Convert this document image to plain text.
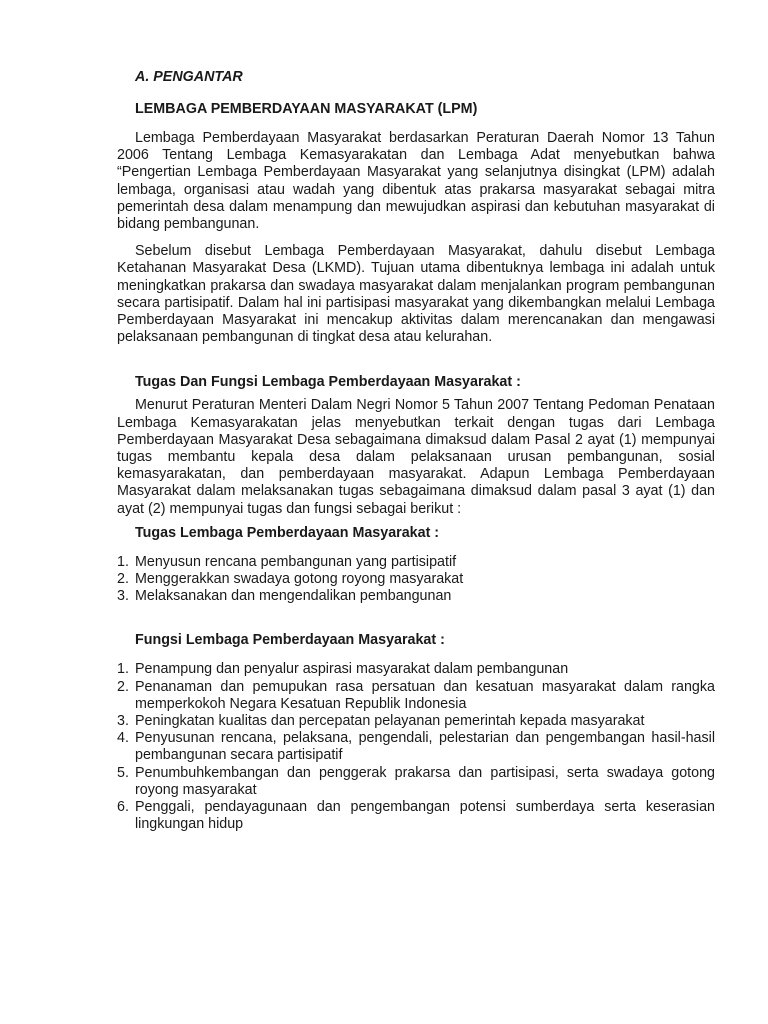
A. PENGANTAR

LEMBAGA PEMBERDAYAAN MASYARAKAT (LPM)

Lembaga Pemberdayaan Masyarakat berdasarkan Peraturan Daerah Nomor 13 Tahun 2006 Tentang Lembaga Kemasyarakatan dan Lembaga Adat menyebutkan bahwa “Pengertian Lembaga Pemberdayaan Masyarakat yang selanjutnya disingkat (LPM) adalah lembaga, organisasi atau wadah yang dibentuk atas prakarsa masyarakat sebagai mitra pemerintah desa dalam menampung dan mewujudkan aspirasi dan kebutuhan masyarakat di bidang pembangunan.

Sebelum disebut Lembaga Pemberdayaan Masyarakat, dahulu disebut Lembaga Ketahanan Masyarakat Desa (LKMD). Tujuan utama dibentuknya lembaga ini adalah untuk meningkatkan prakarsa dan swadaya masyarakat dalam menjalankan program pembangunan secara partisipatif. Dalam hal ini partisipasi masyarakat yang dikembangkan melalui Lembaga Pemberdayaan Masyarakat ini mencakup aktivitas dalam merencanakan dan mengawasi pelaksanaan pembangunan di tingkat desa atau kelurahan.

Tugas Dan Fungsi Lembaga Pemberdayaan Masyarakat :

Menurut Peraturan Menteri Dalam Negri Nomor 5 Tahun 2007 Tentang Pedoman Penataan Lembaga Kemasyarakatan jelas menyebutkan terkait dengan tugas dari Lembaga Pemberdayaan Masyarakat Desa sebagaimana dimaksud dalam Pasal 2 ayat (1) mempunyai tugas membantu kepala desa dalam pelaksanaan urusan pembangunan, sosial kemasyarakatan, dan pemberdayaan masyarakat. Adapun Lembaga Pemberdayaan Masyarakat dalam melaksanakan tugas sebagaimana dimaksud dalam pasal 3 ayat (1) dan ayat (2) mempunyai tugas dan fungsi sebagai berikut :

Tugas Lembaga Pemberdayaan Masyarakat :

1. Menyusun rencana pembangunan yang partisipatif
2. Menggerakkan swadaya gotong royong masyarakat
3. Melaksanakan dan mengendalikan pembangunan

Fungsi Lembaga Pemberdayaan Masyarakat :

1. Penampung dan penyalur aspirasi masyarakat dalam pembangunan
2. Penanaman dan pemupukan rasa persatuan dan kesatuan masyarakat dalam rangka memperkokoh Negara Kesatuan Republik Indonesia
3. Peningkatan kualitas dan percepatan pelayanan pemerintah kepada masyarakat
4. Penyusunan rencana, pelaksana, pengendali, pelestarian dan pengembangan hasil-hasil pembangunan secara partisipatif
5. Penumbuhkembangan dan penggerak prakarsa dan partisipasi, serta swadaya gotong royong masyarakat
6. Penggali, pendayagunaan dan pengembangan potensi sumberdaya serta keserasian lingkungan hidup
